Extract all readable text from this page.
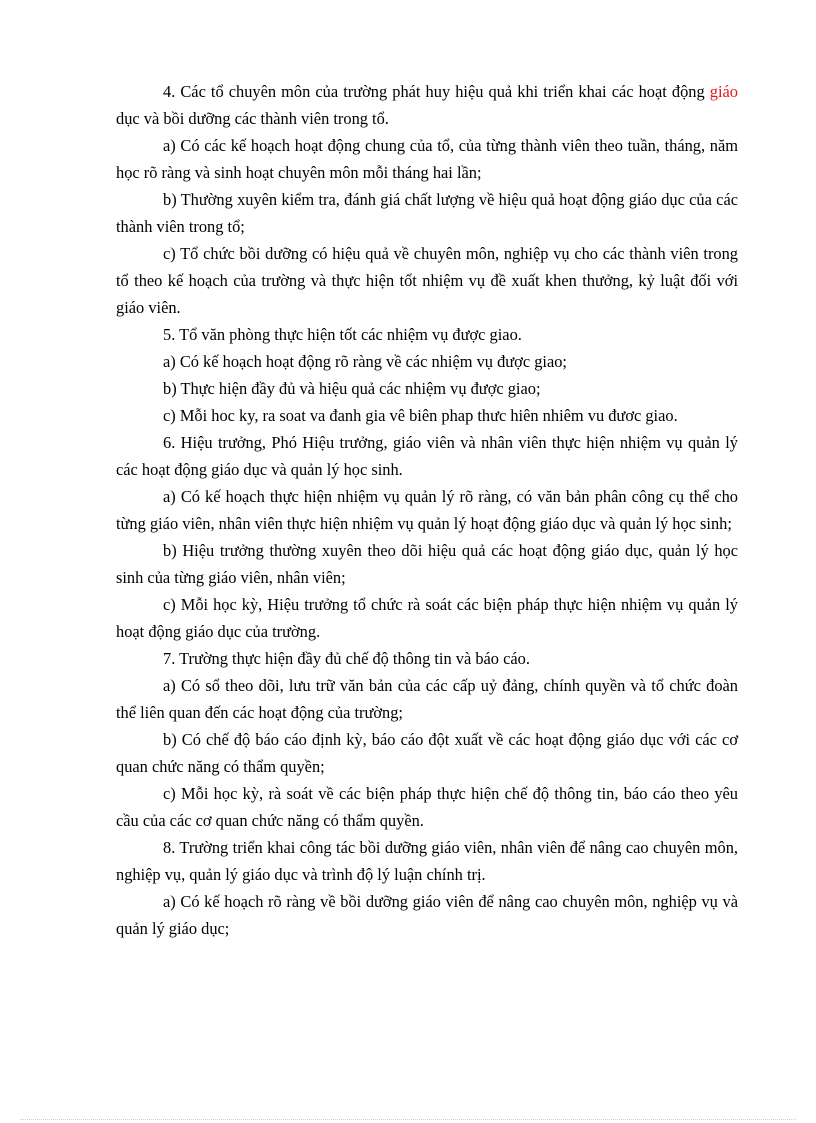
4. Các tổ chuyên môn của trường phát huy hiệu quả khi triển khai các hoạt động giáo dục và bồi dưỡng các thành viên trong tổ.

a) Có các kế hoạch hoạt động chung của tổ, của từng thành viên theo tuần, tháng, năm học rõ ràng và sinh hoạt chuyên môn mỗi tháng hai lần;

b) Thường xuyên kiểm tra, đánh giá chất lượng về hiệu quả hoạt động giáo dục của các thành viên trong tổ;

c) Tổ chức bồi dưỡng có hiệu quả về chuyên môn, nghiệp vụ cho các thành viên trong tổ theo kế hoạch của trường và thực hiện tốt nhiệm vụ đề xuất khen thưởng, kỷ luật đối với giáo viên.

5. Tổ văn phòng thực hiện tốt các nhiệm vụ được giao.

a) Có kế hoạch hoạt động rõ ràng về các nhiệm vụ được giao;

b) Thực hiện đầy đủ và hiệu quả các nhiệm vụ được giao;

c) Mỗi hoc ky, ra soat va đanh gia vê biên phap thưc hiên nhiêm vu đươc giao.

6. Hiệu trưởng, Phó Hiệu trưởng, giáo viên và nhân viên thực hiện nhiệm vụ quản lý các hoạt động giáo dục và quản lý học sinh.

a) Có kế hoạch thực hiện nhiệm vụ quản lý rõ ràng, có văn bản phân công cụ thể cho từng giáo viên, nhân viên thực hiện nhiệm vụ quản lý hoạt động giáo dục và quản lý học sinh;

b) Hiệu trưởng thường xuyên theo dõi hiệu quả các hoạt động giáo dục, quản lý học sinh của từng giáo viên, nhân viên;

c) Mỗi học kỳ, Hiệu trưởng tổ chức rà soát các biện pháp thực hiện nhiệm vụ quản lý hoạt động giáo dục của trường.

7. Trường thực hiện đầy đủ chế độ thông tin và báo cáo.

a) Có sổ theo dõi, lưu trữ văn bản của các cấp uỷ đảng, chính quyền và tổ chức đoàn thể liên quan đến các hoạt động của trường;

b) Có chế độ báo cáo định kỳ, báo cáo đột xuất về các hoạt động giáo dục với các cơ quan chức năng có thẩm quyền;

c) Mỗi học kỳ, rà soát về các biện pháp thực hiện chế độ thông tin, báo cáo theo yêu cầu của các cơ quan chức năng có thẩm quyền.

8. Trường triển khai công tác bồi dưỡng giáo viên, nhân viên để nâng cao chuyên môn, nghiệp vụ, quản lý giáo dục và trình độ lý luận chính trị.

a) Có kế hoạch rõ ràng về bồi dưỡng giáo viên để nâng cao chuyên môn, nghiệp vụ và quản lý giáo dục;
